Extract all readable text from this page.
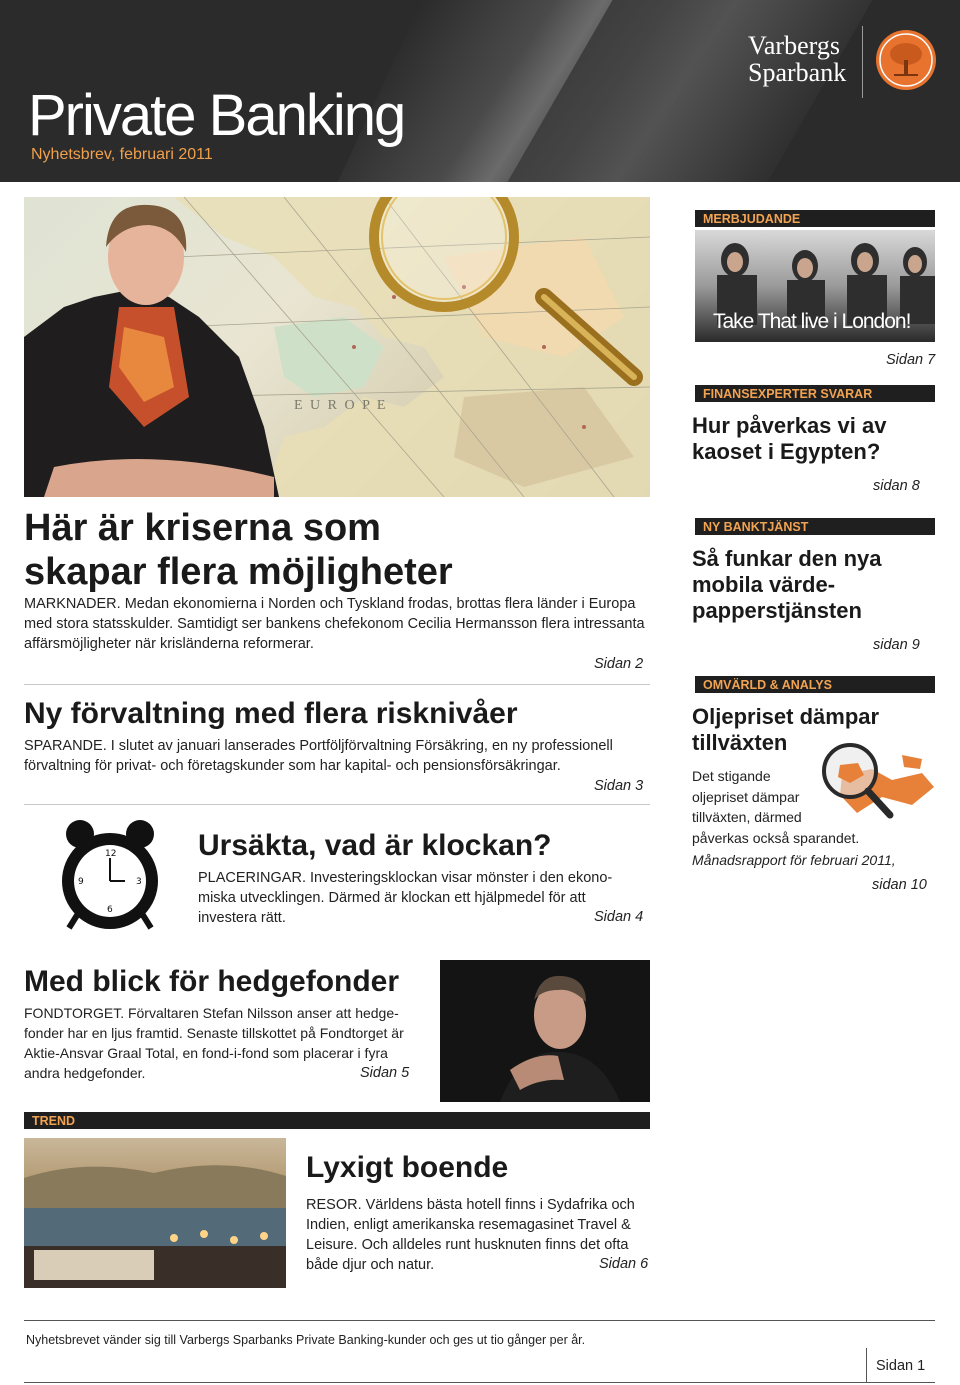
Private Banking
Nyhetsbrev, februari 2011
Varbergs
Sparbank
E U R O P E
Här är kriserna som
skapar flera möjligheter
MARKNADER. Medan ekonomierna i Norden och Tyskland frodas, brottas flera länder i Europa med stora statsskulder. Samtidigt ser bankens chefekonom Cecilia Hermansson flera intressanta affärsmöjligheter när krisländerna reformerar.
Sidan 2
Ny förvaltning med flera risknivåer
SPARANDE. I slutet av januari lanserades Portföljförvaltning Försäkring, en ny professionell förvaltning för privat- och företagskunder som har kapital- och pensionsförsäkringar.
Sidan 3
12
3
6
9
Ursäkta, vad är klockan?
PLACERINGAR. Investeringsklockan visar mönster i den ekono-
miska utvecklingen. Därmed är klockan ett hjälpmedel för att
investera rätt.	Sidan 4
Med blick för hedgefonder
FONDTORGET. Förvaltaren Stefan Nilsson anser att hedge-
fonder har en ljus framtid. Senaste tillskottet på Fondtorget är
Aktie-Ansvar Graal Total, en fond-i-fond som placerar i fyra
andra hedgefonder.	Sidan 5
TREND
Lyxigt boende
RESOR. Världens bästa hotell finns i Sydafrika och
Indien, enligt amerikanska resemagasinet Travel &
Leisure. Och alldeles runt husknuten finns det ofta
både djur och natur.	Sidan 6
MERBJUDANDE
Take That live i London!
Sidan 7
FINANSEXPERTER SVARAR
Hur påverkas vi av
kaoset i Egypten?
sidan 8
NY BANKTJÄNST
Så funkar den nya
mobila värde-
papperstjänsten
sidan 9
OMVÄRLD & ANALYS
Oljepriset dämpar
tillväxten
Det stigande
oljepriset dämpar
tillväxten, därmed
påverkas också sparandet.
Månadsrapport för februari 2011,
sidan 10
Nyhetsbrevet vänder sig till Varbergs Sparbanks Private Banking-kunder och ges ut tio gånger per år.
Sidan 1
